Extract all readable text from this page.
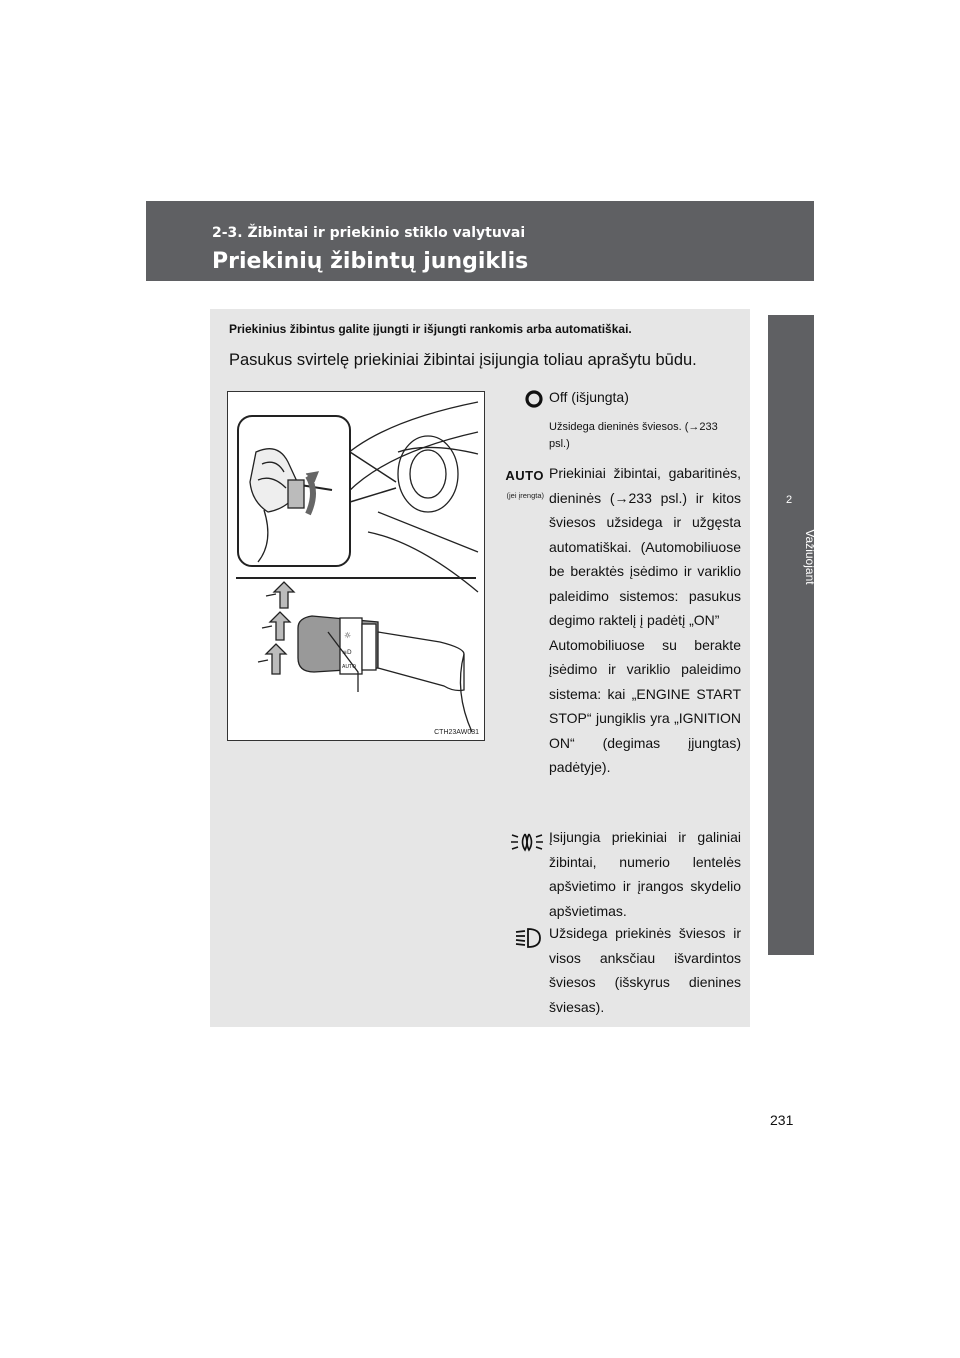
2-3. Žibintai ir priekinio stiklo valytuvai
Priekinių žibintų jungiklis
2
Važiuojant
Priekinius žibintus galite įjungti ir išjungti rankomis arba automatiškai.
Pasukus svirtelę priekiniai žibintai įsijungia toliau aprašytu būdu.
☼
≡D
AUTO
CTH23AW031
Off (išjungta)
Užsidega dieninės šviesos. (→233 psl.)
AUTO
(jei įrengta)
Priekiniai žibintai, gabaritinės, dieninės (→233 psl.) ir kitos šviesos užsidega ir užgęsta automatiškai. (Automobiliuose be beraktės įsėdimo ir variklio paleidimo sistemos: pasukus degimo raktelį į padėtį „ON”
Automobiliuose su berakte įsėdimo ir variklio paleidimo sistema: kai „ENGINE START STOP“ jungiklis yra „IGNITION ON“ (degimas įjungtas) padėtyje).
Įsijungia priekiniai ir galiniai žibintai, numerio lentelės apšvietimo ir įrangos skydelio apšvietimas.
Užsidega priekinės šviesos ir visos anksčiau išvardintos šviesos (išskyrus dienines šviesas).
231
